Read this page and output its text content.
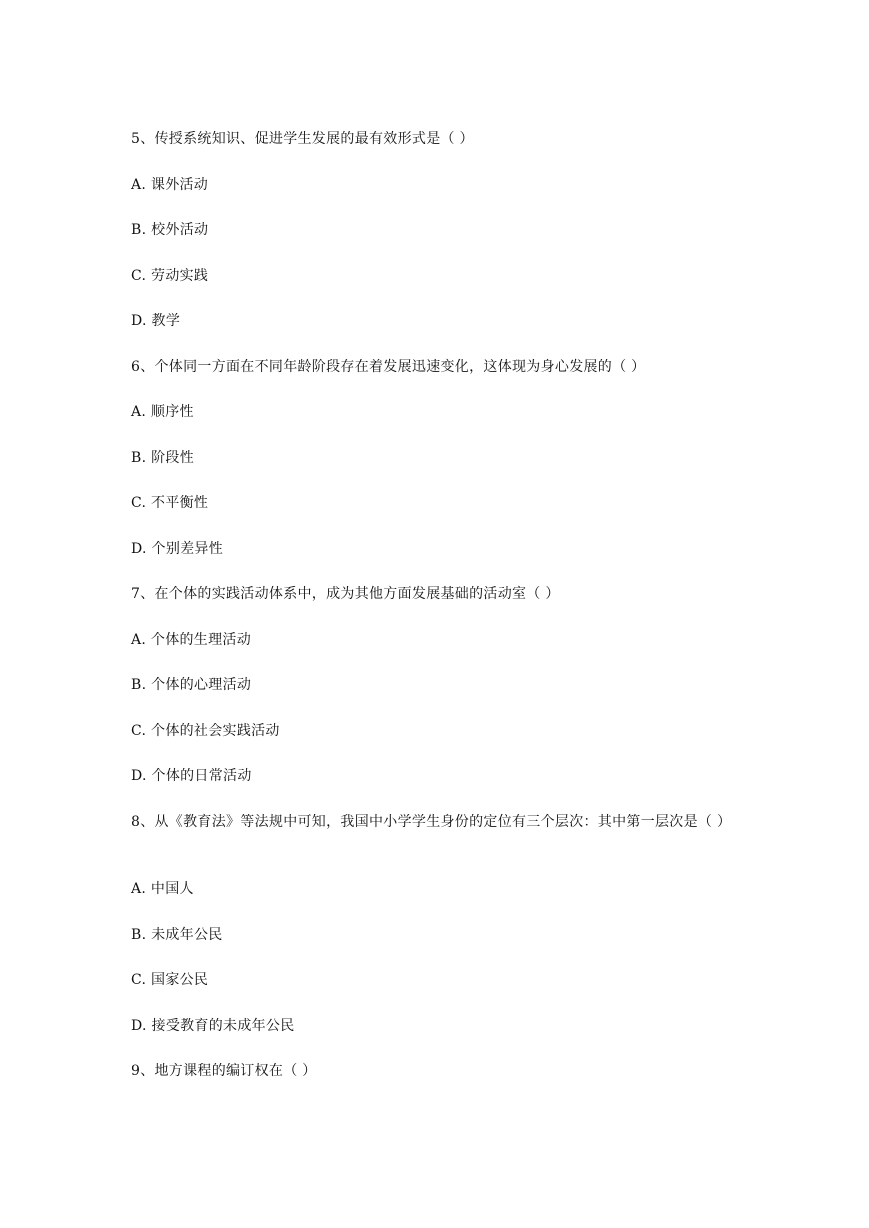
5、传授系统知识、促进学生发展的最有效形式是（ ）
A. 课外活动
B. 校外活动
C. 劳动实践
D. 教学
6、个体同一方面在不同年龄阶段存在着发展迅速变化，这体现为身心发展的（ ）
A. 顺序性
B. 阶段性
C. 不平衡性
D. 个别差异性
7、在个体的实践活动体系中，成为其他方面发展基础的活动室（ ）
A. 个体的生理活动
B. 个体的心理活动
C. 个体的社会实践活动
D. 个体的日常活动
8、从《教育法》等法规中可知，我国中小学学生身份的定位有三个层次：其中第一层次是（ ）
A. 中国人
B. 未成年公民
C. 国家公民
D. 接受教育的未成年公民
9、地方课程的编订权在（ ）
